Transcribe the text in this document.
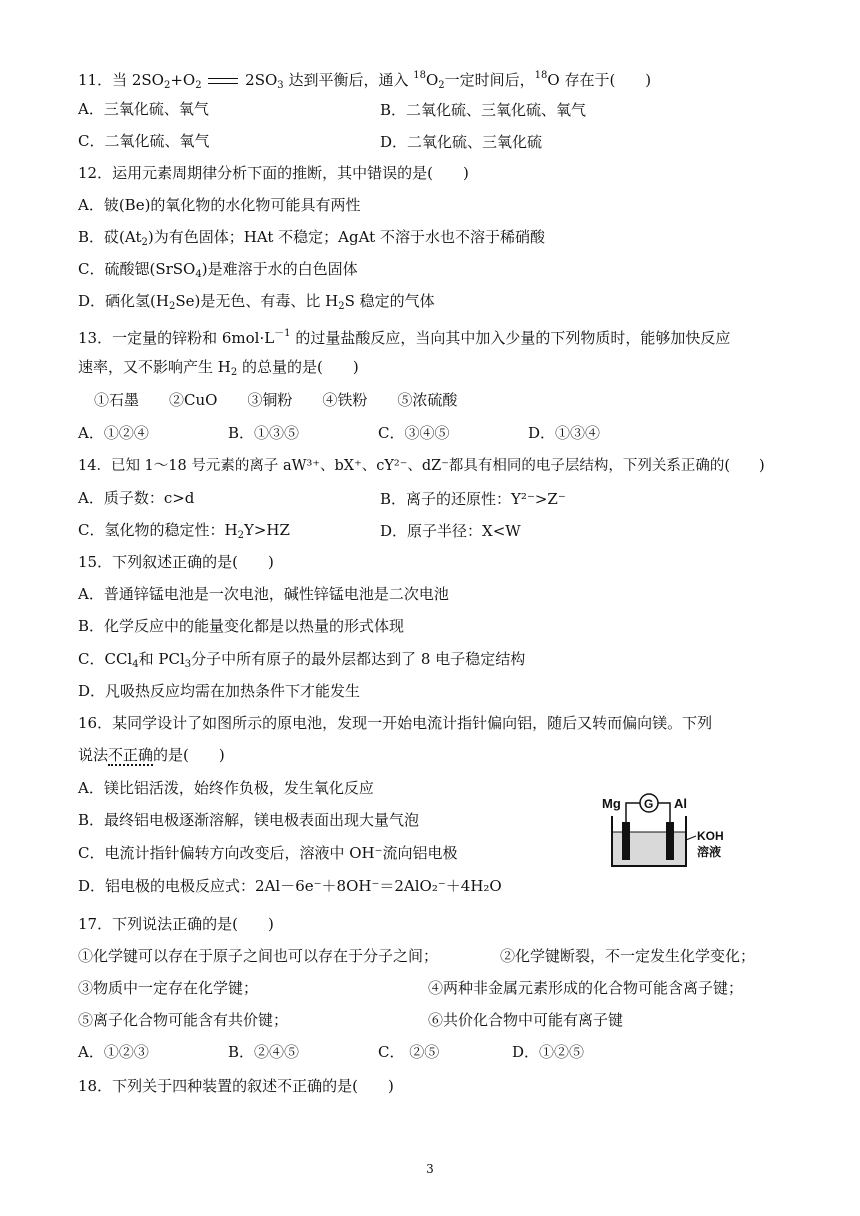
11．当 $2SO_2+O_2$	$2SO_3$ 达到平衡后，通入 $^{18}O_2$一定时间后，$^{18}$O 存在于(　　)
A．三氧化硫、氧气	B．二氧化硫、三氧化硫、氧气
C．二氧化硫、氧气	D．二氧化硫、三氧化硫
12．运用元素周期律分析下面的推断，其中错误的是(　　)
A．铍(Be)的氧化物的水化物可能具有两性
B．砹$(At_2)$为有色固体；HAt 不稳定；AgAt 不溶于水也不溶于稀硝酸
C．硫酸锶(SrSO$_4$)是难溶于水的白色固体
D．硒化氢$(H_2Se)$是无色、有毒、比 $H_2S$ 稳定的气体
13．一定量的锌粉和 $6mol\cdot L^{-1}$ 的过量盐酸反应，当向其中加入少量的下列物质时，能够加快反应
速率，又不影响产生 $H_2$ 的总量的是(　　)
①石墨　　②CuO　　③铜粉　　④铁粉　　⑤浓硫酸
A．①②④	B．①③⑤	C．③④⑤	D．①③④
14．已知 1～18 号元素的离子 aW³⁺、bX⁺、cY²⁻、dZ⁻都具有相同的电子层结构，下列关系正确的(　　)
A．质子数：c>d	B．离子的还原性：Y²⁻>Z⁻
C．氢化物的稳定性：$H_2Y>HZ$	D．原子半径：X<W
15．下列叙述正确的是(　　)
A．普通锌锰电池是一次电池，碱性锌锰电池是二次电池
B．化学反应中的能量变化都是以热量的形式体现
C．CCl$_4$和 PCl$_3$分子中所有原子的最外层都达到了 8 电子稳定结构
D．凡吸热反应均需在加热条件下才能发生
16．某同学设计了如图所示的原电池，发现一开始电流计指针偏向铝，随后又转而偏向镁。下列
说法不正确的是(　　)
A．镁比铝活泼，始终作负极，发生氧化反应
B．最终铝电极逐渐溶解，镁电极表面出现大量气泡
C．电流计指针偏转方向改变后，溶液中 OH⁻流向铝电极
D．铝电极的电极反应式：2Al－6e⁻＋8OH⁻＝2AlO₂⁻＋4H₂O
Mg G Al
KOH
溶液
17．下列说法正确的是(　　)
①化学键可以存在于原子之间也可以存在于分子之间；	②化学键断裂，不一定发生化学变化；
③物质中一定存在化学键；	④两种非金属元素形成的化合物可能含离子键；
⑤离子化合物可能含有共价键；	⑥共价化合物中可能有离子键
A．①②③	B．②④⑤	C． ②⑤	D．①②⑤
18．下列关于四种装置的叙述不正确的是(　　)
3
